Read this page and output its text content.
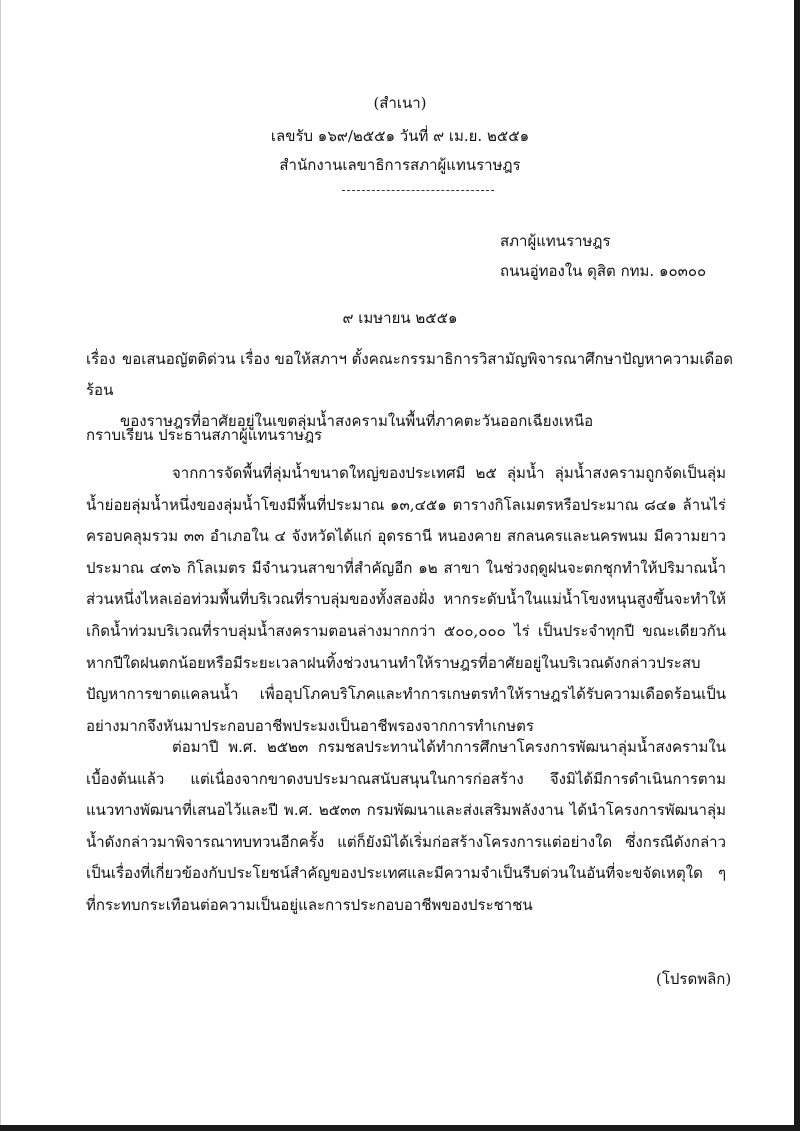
(สำเนา)
เลขรับ ๑๖๙/๒๕๕๑ วันที่ ๙ เม.ย. ๒๕๕๑
สำนักงานเลขาธิการสภาผู้แทนราษฎร
สภาผู้แทนราษฎร
ถนนอู่ทองใน ดุสิต กทม. ๑๐๓๐๐
๙ เมษายน ๒๕๕๑
เรื่อง ขอเสนอญัตติด่วน เรื่อง ขอให้สภาฯ ตั้งคณะกรรมาธิการวิสามัญพิจารณาศึกษาปัญหาความเดือดร้อน
ของราษฎรที่อาศัยอยู่ในเขตลุ่มน้ำสงครามในพื้นที่ภาคตะวันออกเฉียงเหนือ
กราบเรียน ประธานสภาผู้แทนราษฎร

จากการจัดพื้นที่ลุ่มน้ำขนาดใหญ่ของประเทศมี ๒๕ ลุ่มน้ำ ลุ่มน้ำสงครามถูกจัดเป็นลุ่มน้ำย่อยลุ่มน้ำหนึ่งของลุ่มน้ำโขงมีพื้นที่ประมาณ ๑๓,๔๕๑ ตารางกิโลเมตรหรือประมาณ ๘๔๑ ล้านไร่ ครอบคลุมรวม ๓๓ อำเภอใน ๔ จังหวัดได้แก่ อุดรธานี หนองคาย สกลนครและนครพนม มีความยาวประมาณ ๔๓๖ กิโลเมตร มีจำนวนสาขาที่สำคัญอีก ๑๒ สาขา ในช่วงฤดูฝนจะตกชุกทำให้ปริมาณน้ำส่วนหนึ่งไหลเอ่อท่วมพื้นที่บริเวณที่ราบลุ่มของทั้งสองฝั่ง หากระดับน้ำในแม่น้ำโขงหนุนสูงขึ้นจะทำให้เกิดน้ำท่วมบริเวณที่ราบลุ่มน้ำสงครามตอนล่างมากกว่า ๕๐๐,๐๐๐ ไร่ เป็นประจำทุกปี ขณะเดียวกันหากปีใดฝนตกน้อยหรือมีระยะเวลาฝนทิ้งช่วงนานทำให้ราษฎรที่อาศัยอยู่ในบริเวณดังกล่าวประสบปัญหาการขาดแคลนน้ำ เพื่ออุปโภคบริโภคและทำการเกษตรทำให้ราษฎรได้รับความเดือดร้อนเป็นอย่างมากจึงหันมาประกอบอาชีพประมงเป็นอาชีพรองจากการทำเกษตร

ต่อมาปี พ.ศ. ๒๕๒๓ กรมชลประทานได้ทำการศึกษาโครงการพัฒนาลุ่มน้ำสงครามในเบื้องต้นแล้ว แต่เนื่องจากขาดงบประมาณสนับสนุนในการก่อสร้าง จึงมิได้มีการดำเนินการตามแนวทางพัฒนาที่เสนอไว้และปี พ.ศ. ๒๕๓๓ กรมพัฒนาและส่งเสริมพลังงาน ได้นำโครงการพัฒนาลุ่มน้ำดังกล่าวมาพิจารณาทบทวนอีกครั้ง แต่ก็ยังมิได้เริ่มก่อสร้างโครงการแต่อย่างใด ซึ่งกรณีดังกล่าวเป็นเรื่องที่เกี่ยวข้องกับประโยชน์สำคัญของประเทศและมีความจำเป็นรีบด่วนในอันที่จะขจัดเหตุใด ๆ ที่กระทบกระเทือนต่อความเป็นอยู่และการประกอบอาชีพของประชาชน

(โปรดพลิก)
